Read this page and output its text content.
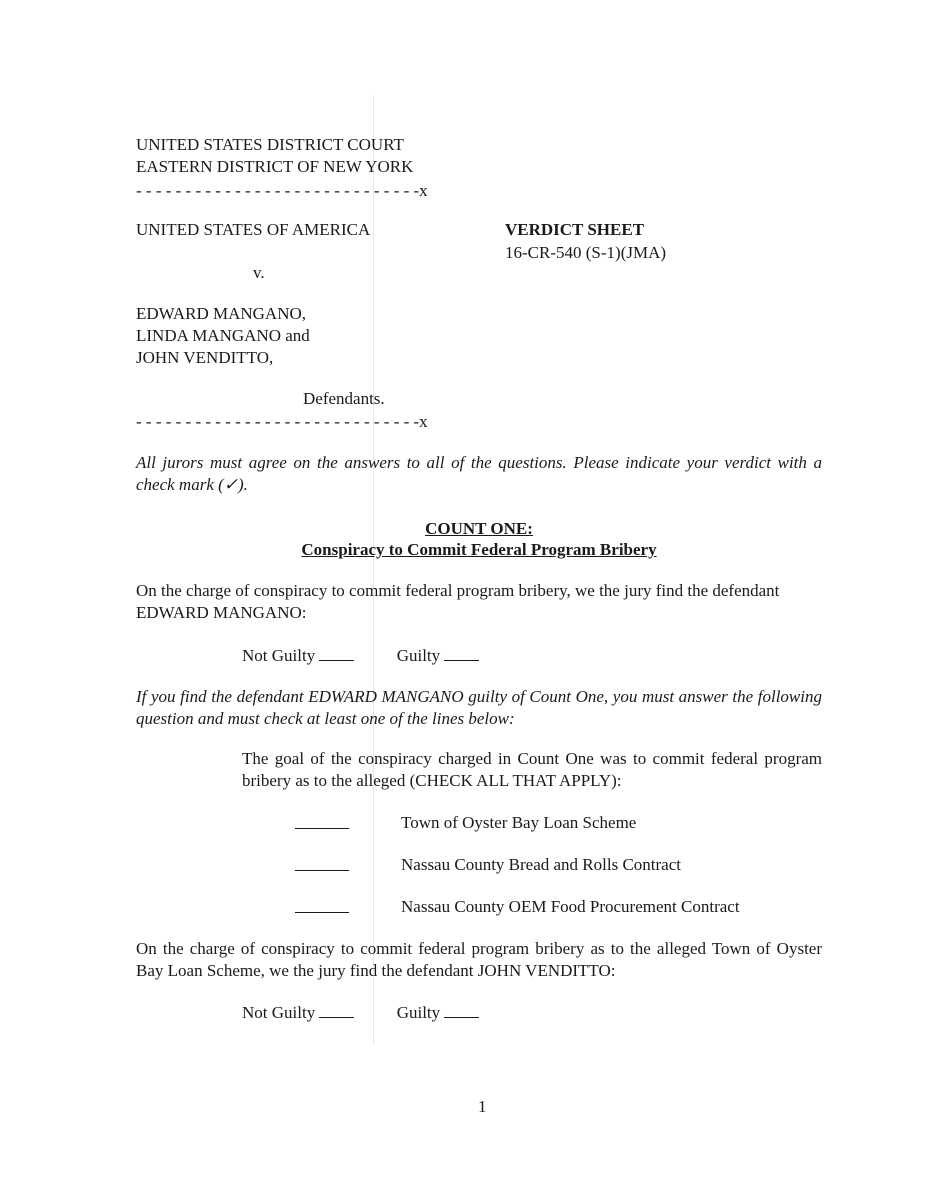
UNITED STATES DISTRICT COURT

EASTERN DISTRICT OF NEW YORK

- - - - - - - - - - - - - - - - - - - - - - - - - - - - -x

UNITED STATES OF AMERICA	VERDICT SHEET

16-CR-540 (S-1)(JMA)

v.

EDWARD MANGANO,

LINDA MANGANO and

JOHN VENDITTO,

Defendants.

- - - - - - - - - - - - - - - - - - - - - - - - - - - - -x

All jurors must agree on the answers to all of the questions. Please indicate your verdict with a check mark (✓).

COUNT ONE:

Conspiracy to Commit Federal Program Bribery

On the charge of conspiracy to commit federal program bribery, we the jury find the defendant EDWARD MANGANO:

Not Guilty	Guilty

If you find the defendant EDWARD MANGANO guilty of Count One, you must answer the following question and must check at least one of the lines below:

The goal of the conspiracy charged in Count One was to commit federal program bribery as to the alleged (CHECK ALL THAT APPLY):

Town of Oyster Bay Loan Scheme

Nassau County Bread and Rolls Contract

Nassau County OEM Food Procurement Contract

On the charge of conspiracy to commit federal program bribery as to the alleged Town of Oyster Bay Loan Scheme, we the jury find the defendant JOHN VENDITTO:

Not Guilty	Guilty

1
